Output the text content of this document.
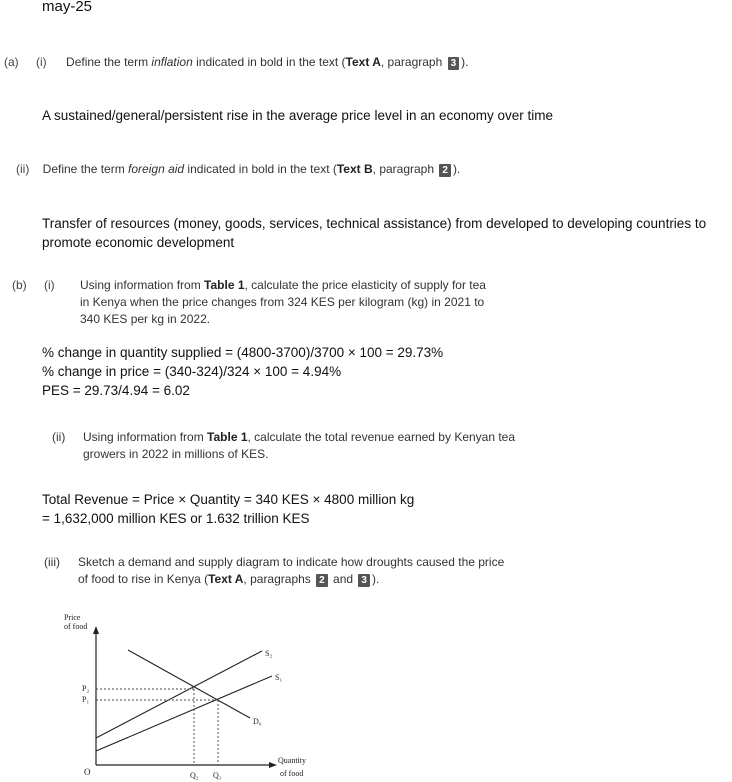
may-25
(a) (i) Define the term inflation indicated in bold in the text (Text A, paragraph 3 ).
A sustained/general/persistent rise in the average price level in an economy over time
(ii) Define the term foreign aid indicated in bold in the text (Text B, paragraph 2 ).
Transfer of resources (money, goods, services, technical assistance) from developed to developing countries to
promote economic development
(b) (i) Using information from Table 1, calculate the price elasticity of supply for tea
in Kenya when the price changes from 324 KES per kilogram (kg) in 2021 to
340 KES per kg in 2022.
% change in quantity supplied = (4800-3700)/3700 × 100 = 29.73%
% change in price = (340-324)/324 × 100 = 4.94%
PES = 29.73/4.94 = 6.02
(ii) Using information from Table 1, calculate the total revenue earned by Kenyan tea
growers in 2022 in millions of KES.
Total Revenue = Price × Quantity = 340 KES × 4800 million kg
= 1,632,000 million KES or 1.632 trillion KES
(iii) Sketch a demand and supply diagram to indicate how droughts caused the price
of food to rise in Kenya (Text A, paragraphs 2 and 3 ).
Price
of food
Quantity
of food
O
S₂
S₁
D₀
P₂
P₁
Q₂ Q₁
